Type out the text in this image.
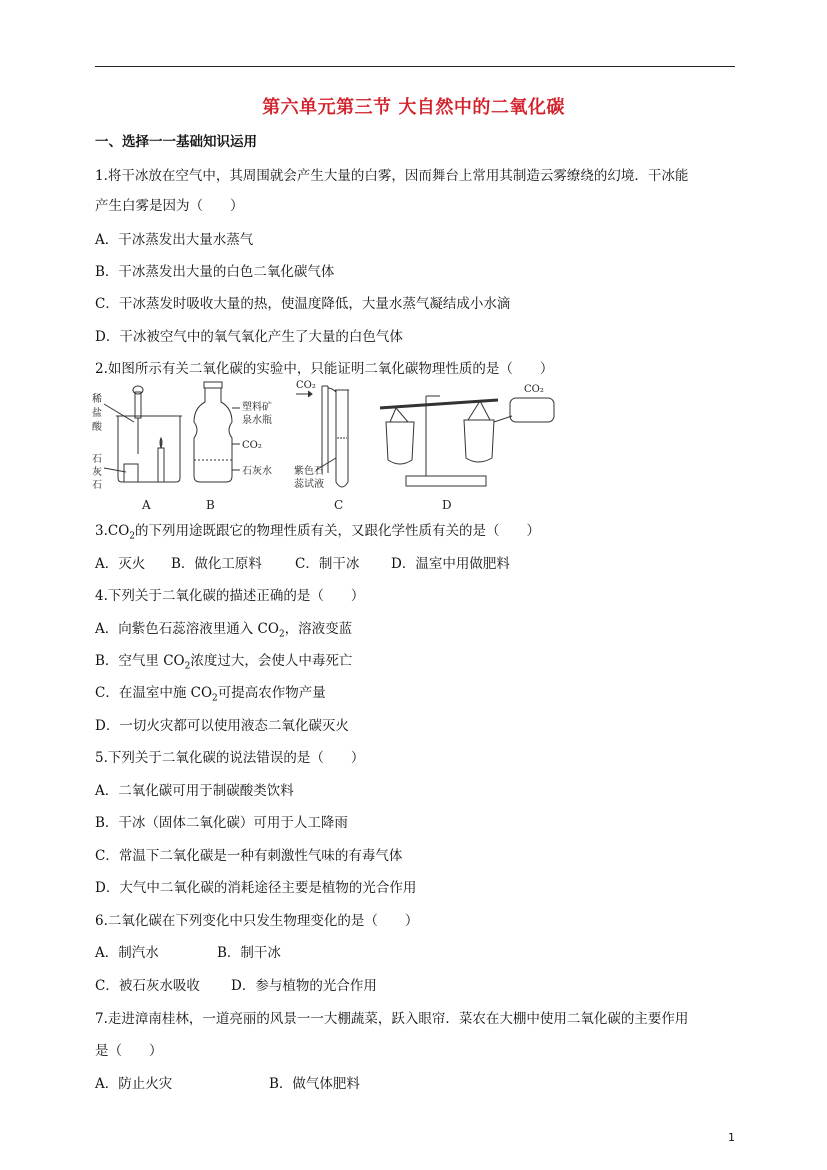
第六单元第三节 大自然中的二氧化碳
一、选择一一基础知识运用
1.将干冰放在空气中，其周围就会产生大量的白雾，因而舞台上常用其制造云雾缭绕的幻境．干冰能
产生白雾是因为（　　）
A．干冰蒸发出大量水蒸气
B．干冰蒸发出大量的白色二氧化碳气体
C．干冰蒸发时吸收大量的热，使温度降低，大量水蒸气凝结成小水滴
D．干冰被空气中的氧气氧化产生了大量的白色气体
2.如图所示有关二氧化碳的实验中，只能证明二氧化碳物理性质的是（　　）
稀
盐
酸
石
灰
石
塑料矿
泉水瓶
CO₂
石灰水
CO₂
紫色石
蕊试液
CO₂
A	B	C	D
$3.CO_2$的下列用途既跟它的物理性质有关，又跟化学性质有关的是（　　）
A．灭火 B．做化工原料 C．制干冰 D．温室中用做肥料
4.下列关于二氧化碳的描述正确的是（　　）
A．向紫色石蕊溶液里通入 $CO_2$，溶液变蓝
B．空气里 $CO_2$浓度过大，会使人中毒死亡
C．在温室中施 $CO_2$可提高农作物产量
D．一切火灾都可以使用液态二氧化碳灭火
5.下列关于二氧化碳的说法错误的是（　　）
A．二氧化碳可用于制碳酸类饮料
B．干冰（固体二氧化碳）可用于人工降雨
C．常温下二氧化碳是一种有刺激性气味的有毒气体
D．大气中二氧化碳的消耗途径主要是植物的光合作用
6.二氧化碳在下列变化中只发生物理变化的是（　　）
A．制汽水	B．制干冰
C．被石灰水吸收 D．参与植物的光合作用
7.走进漳南桂林，一道亮丽的风景一一大棚蔬菜，跃入眼帘．菜农在大棚中使用二氧化碳的主要作用
是（　　）
A．防止火灾	B．做气体肥料
1
